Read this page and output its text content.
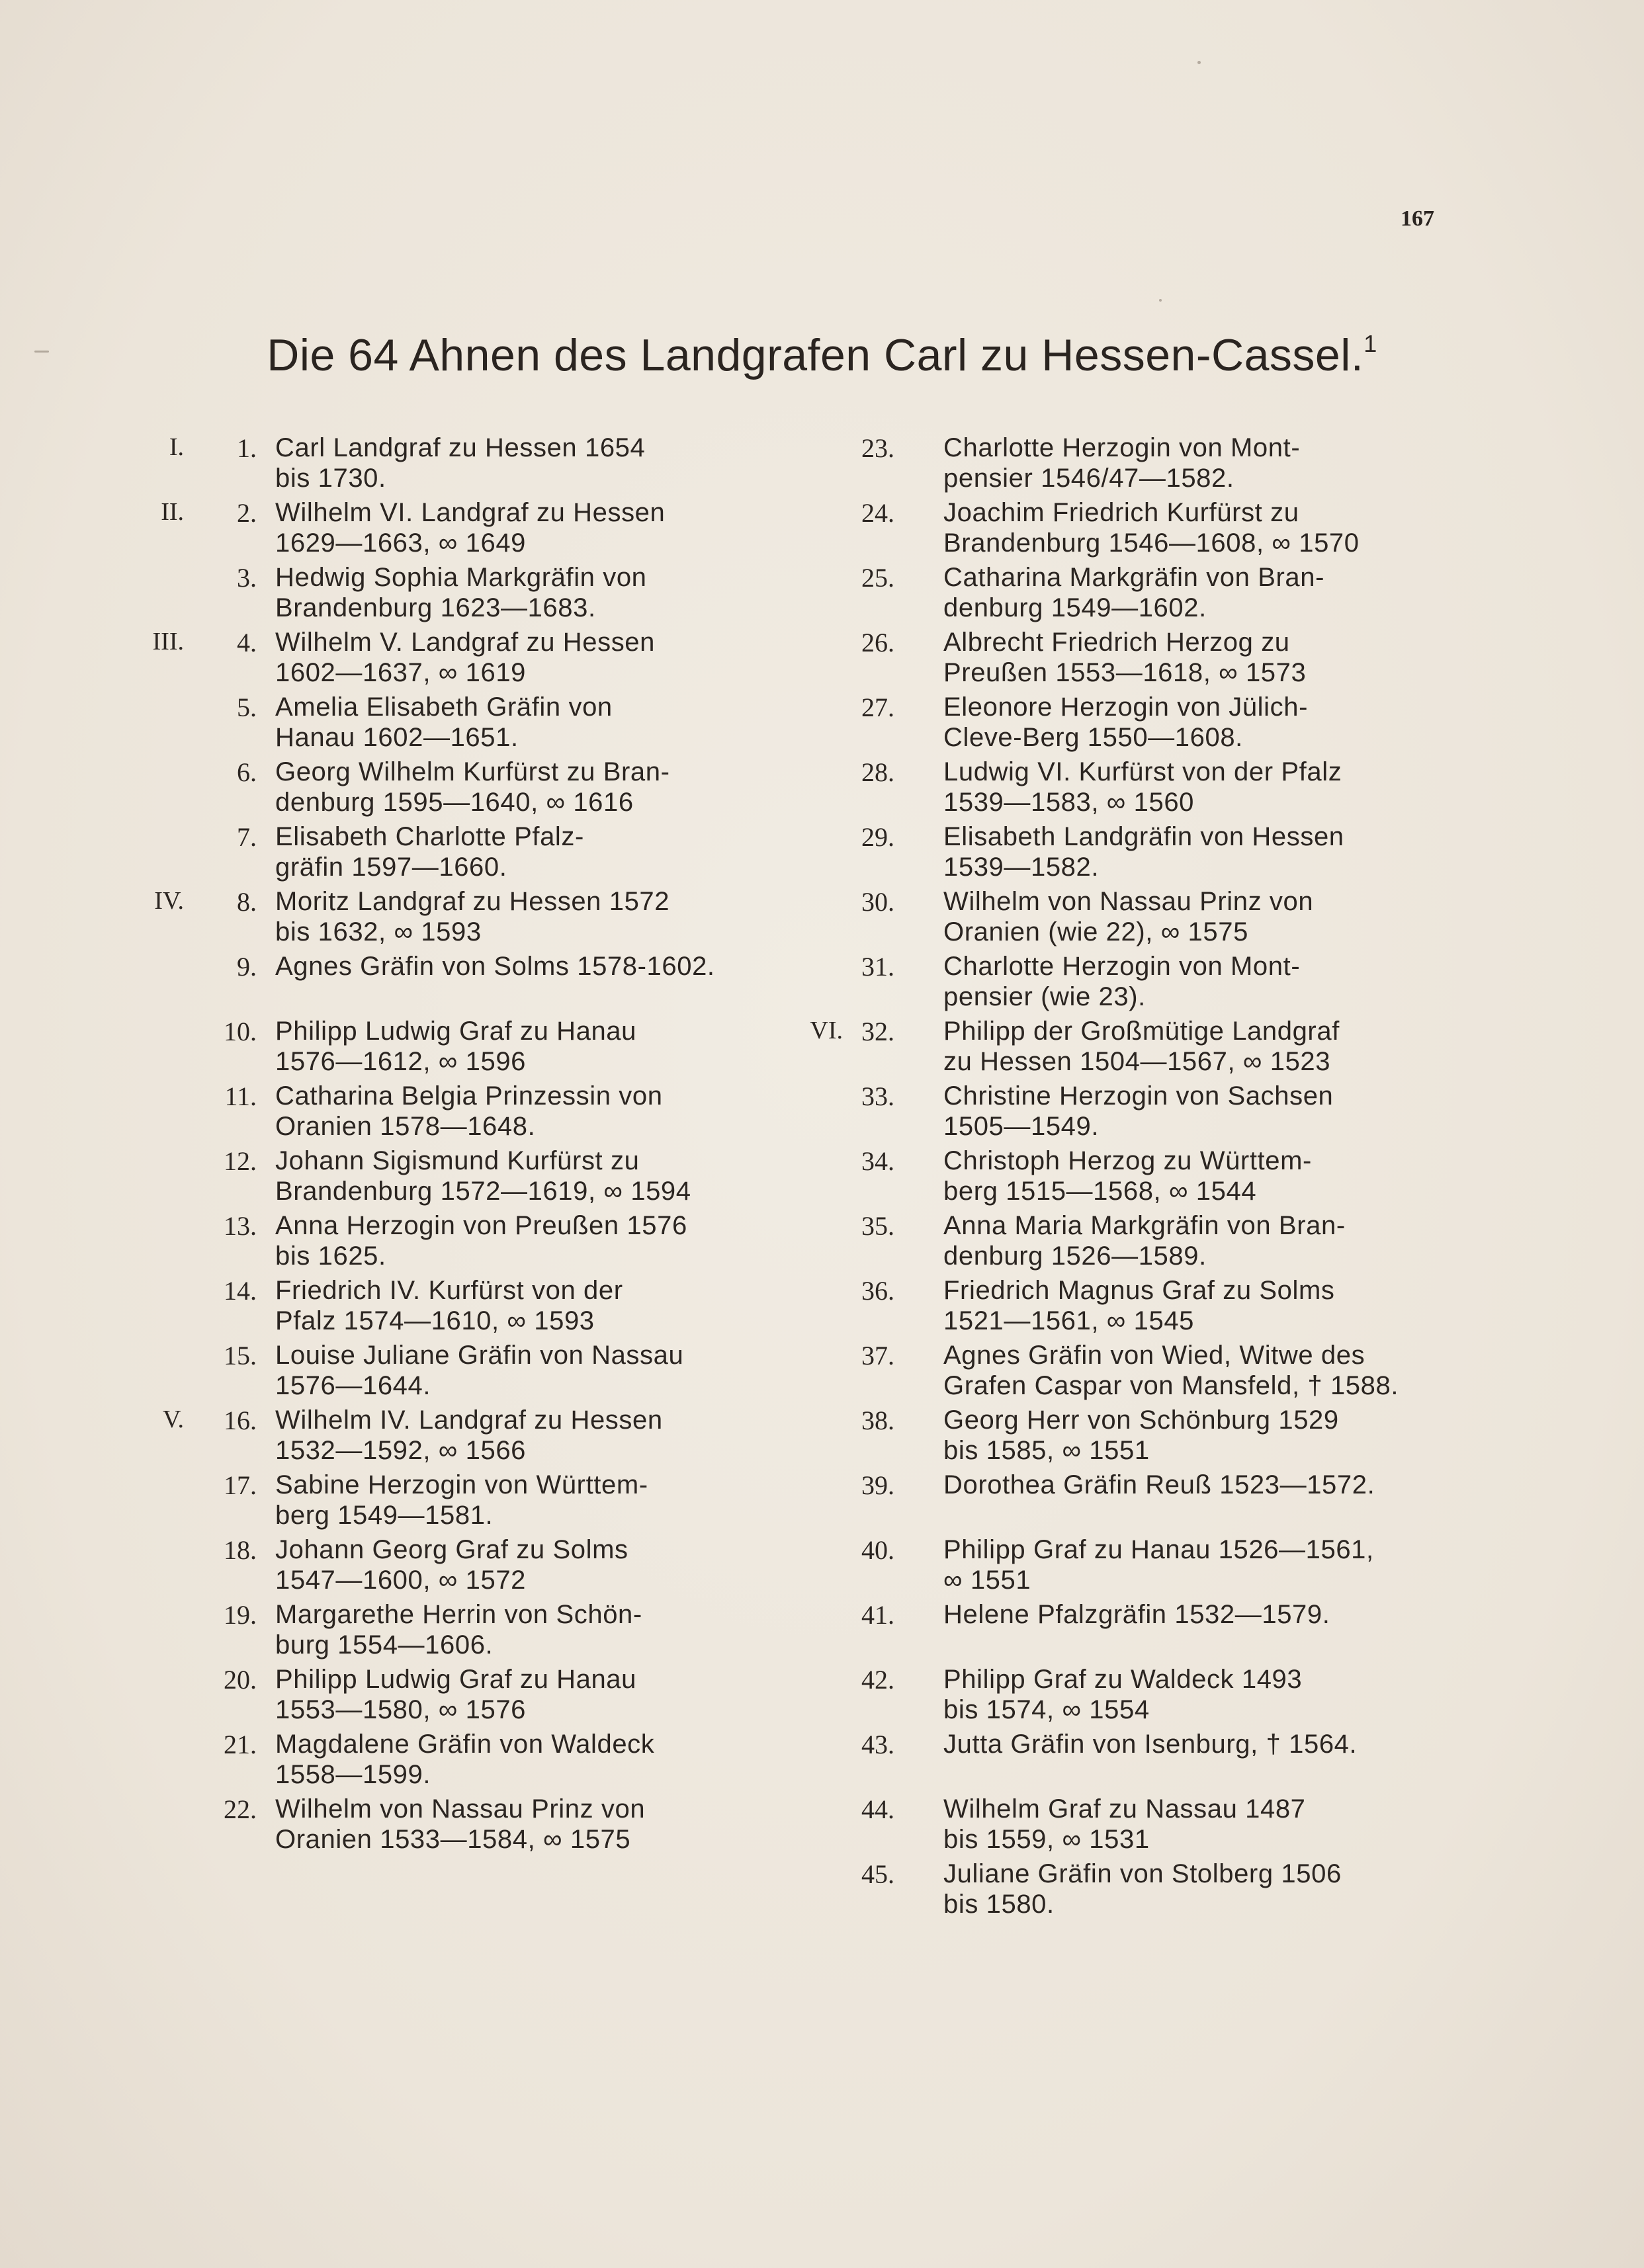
167
Die 64 Ahnen des Landgrafen Carl zu Hessen-Cassel.$^1$
I.	1. Carl Landgraf zu Hessen 1654
bis 1730.
II.	2. Wilhelm VI. Landgraf zu Hessen
1629—1663, ∞ 1649
3. Hedwig Sophia Markgräfin von
Brandenburg 1623—1683.
III.	4. Wilhelm V. Landgraf zu Hessen
1602—1637, ∞ 1619
5. Amelia Elisabeth Gräfin von
Hanau 1602—1651.
6. Georg Wilhelm Kurfürst zu Bran-
denburg 1595—1640, ∞ 1616
7. Elisabeth Charlotte Pfalz-
gräfin 1597—1660.
IV.	8. Moritz Landgraf zu Hessen 1572
bis 1632, ∞ 1593
9. Agnes Gräfin von Solms 1578-1602.
10. Philipp Ludwig Graf zu Hanau
1576—1612, ∞ 1596
11. Catharina Belgia Prinzessin von
Oranien 1578—1648.
12. Johann Sigismund Kurfürst zu
Brandenburg 1572—1619, ∞ 1594
13. Anna Herzogin von Preußen 1576
bis 1625.
14. Friedrich IV. Kurfürst von der
Pfalz 1574—1610, ∞ 1593
15. Louise Juliane Gräfin von Nassau
1576—1644.
V.	16. Wilhelm IV. Landgraf zu Hessen
1532—1592, ∞ 1566
17. Sabine Herzogin von Württem-
berg 1549—1581.
18. Johann Georg Graf zu Solms
1547—1600, ∞ 1572
19. Margarethe Herrin von Schön-
burg 1554—1606.
20. Philipp Ludwig Graf zu Hanau
1553—1580, ∞ 1576
21. Magdalene Gräfin von Waldeck
1558—1599.
22. Wilhelm von Nassau Prinz von
Oranien 1533—1584, ∞ 1575
23. Charlotte Herzogin von Mont-
pensier 1546/47—1582.
24. Joachim Friedrich Kurfürst zu
Brandenburg 1546—1608, ∞ 1570
25. Catharina Markgräfin von Bran-
denburg 1549—1602.
26. Albrecht Friedrich Herzog zu
Preußen 1553—1618, ∞ 1573
27. Eleonore Herzogin von Jülich-
Cleve-Berg 1550—1608.
28. Ludwig VI. Kurfürst von der Pfalz
1539—1583, ∞ 1560
29. Elisabeth Landgräfin von Hessen
1539—1582.
30. Wilhelm von Nassau Prinz von
Oranien (wie 22), ∞ 1575
31. Charlotte Herzogin von Mont-
pensier (wie 23).
VI. 32. Philipp der Großmütige Landgraf
zu Hessen 1504—1567, ∞ 1523
33. Christine Herzogin von Sachsen
1505—1549.
34. Christoph Herzog zu Württem-
berg 1515—1568, ∞ 1544
35. Anna Maria Markgräfin von Bran-
denburg 1526—1589.
36. Friedrich Magnus Graf zu Solms
1521—1561, ∞ 1545
37. Agnes Gräfin von Wied, Witwe des
Grafen Caspar von Mansfeld, † 1588.
38. Georg Herr von Schönburg 1529
bis 1585, ∞ 1551
39. Dorothea Gräfin Reuß 1523—1572.
40. Philipp Graf zu Hanau 1526—1561,
∞ 1551
41. Helene Pfalzgräfin 1532—1579.
42. Philipp Graf zu Waldeck 1493
bis 1574, ∞ 1554
43. Jutta Gräfin von Isenburg, † 1564.
44. Wilhelm Graf zu Nassau 1487
bis 1559, ∞ 1531
45. Juliane Gräfin von Stolberg 1506
bis 1580.
